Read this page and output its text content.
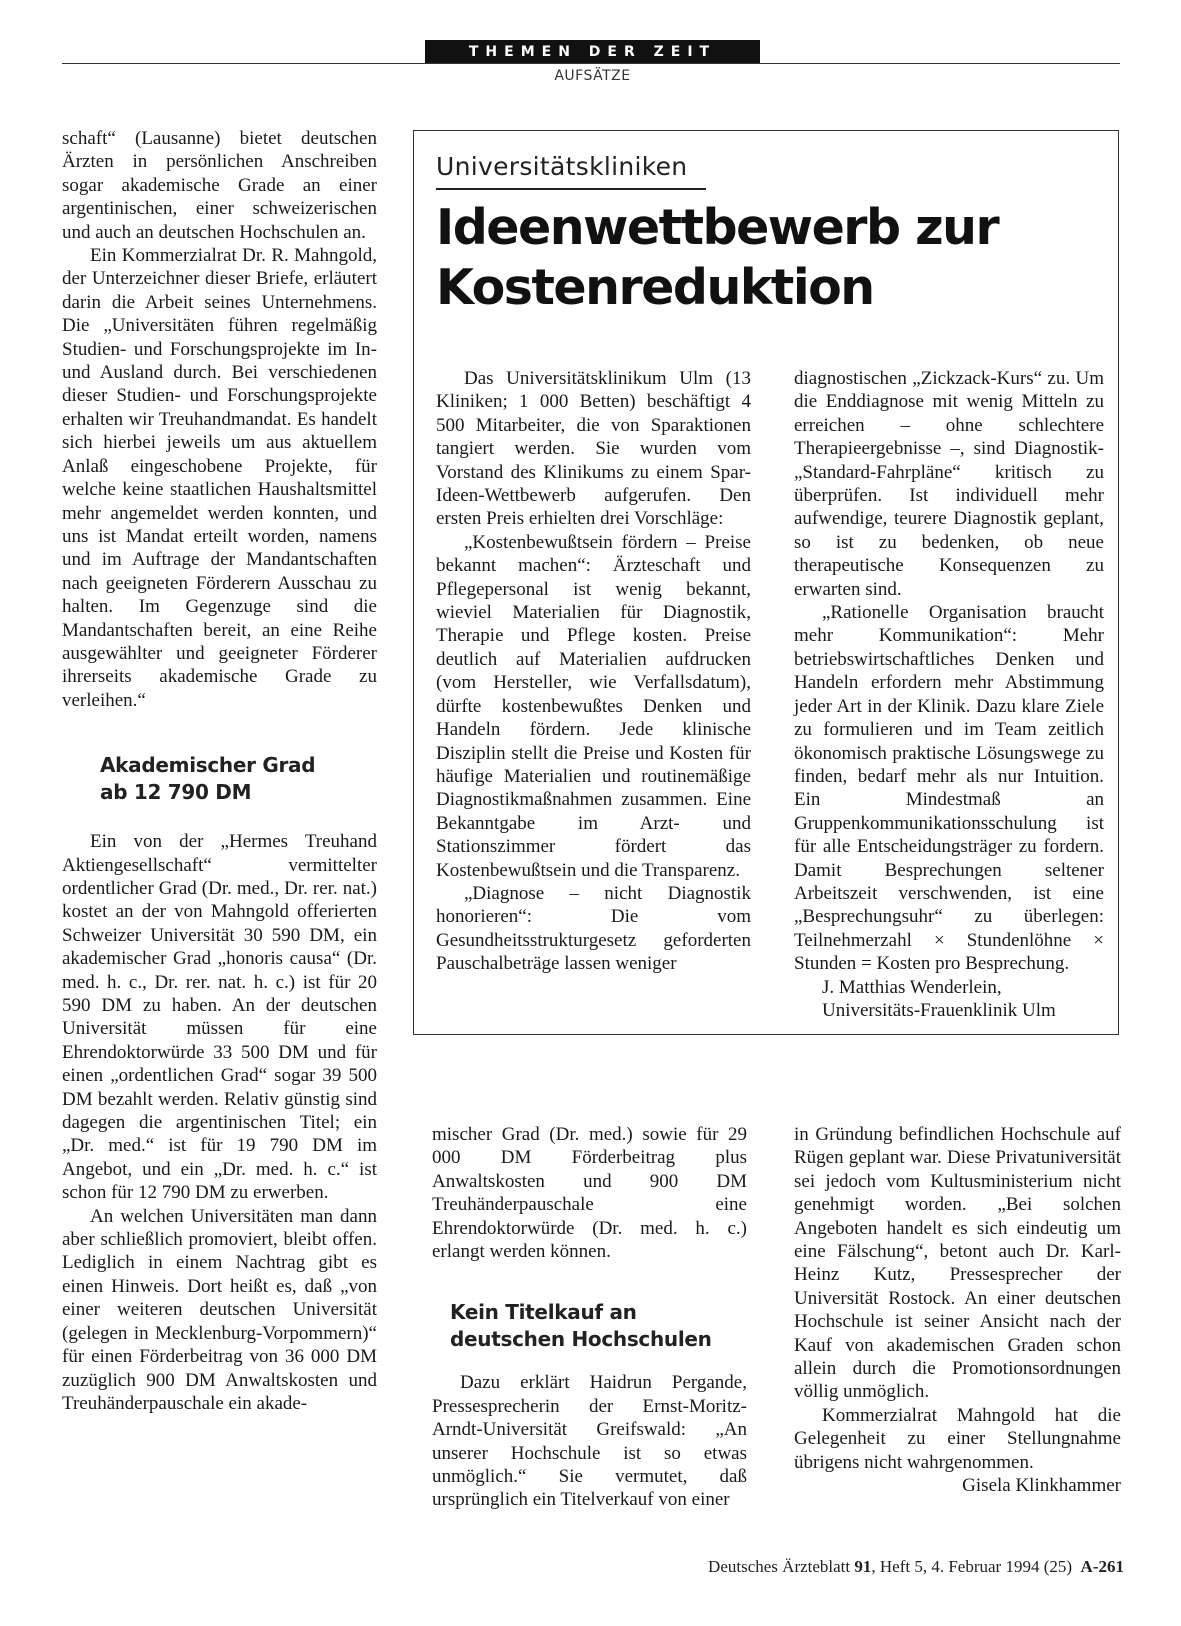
THEMEN DER ZEIT
AUFSÄTZE

schaft“ (Lausanne) bietet deutschen Ärzten in persönlichen Anschreiben sogar akademische Grade an einer argentinischen, einer schweizerischen und auch an deutschen Hochschulen an.

Ein Kommerzialrat Dr. R. Mahngold, der Unterzeichner dieser Briefe, erläutert darin die Arbeit seines Unternehmens. Die „Universitäten führen regelmäßig Studien- und Forschungsprojekte im In- und Ausland durch. Bei verschiedenen dieser Studien- und Forschungsprojekte erhalten wir Treuhandmandat. Es handelt sich hierbei jeweils um aus aktuellem Anlaß eingeschobene Projekte, für welche keine staatlichen Haushaltsmittel mehr angemeldet werden konnten, und uns ist Mandat erteilt worden, namens und im Auftrage der Mandantschaften nach geeigneten Förderern Ausschau zu halten. Im Gegenzuge sind die Mandantschaften bereit, an eine Reihe ausgewählter und geeigneter Förderer ihrerseits akademische Grade zu verleihen.“

Akademischer Grad
ab 12 790 DM

Ein von der „Hermes Treuhand Aktiengesellschaft“ vermittelter ordentlicher Grad (Dr. med., Dr. rer. nat.) kostet an der von Mahngold offerierten Schweizer Universität 30 590 DM, ein akademischer Grad „honoris causa“ (Dr. med. h. c., Dr. rer. nat. h. c.) ist für 20 590 DM zu haben. An der deutschen Universität müssen für eine Ehrendoktorwürde 33 500 DM und für einen „ordentlichen Grad“ sogar 39 500 DM bezahlt werden. Relativ günstig sind dagegen die argentinischen Titel; ein „Dr. med.“ ist für 19 790 DM im Angebot, und ein „Dr. med. h. c.“ ist schon für 12 790 DM zu erwerben.

An welchen Universitäten man dann aber schließlich promoviert, bleibt offen. Lediglich in einem Nachtrag gibt es einen Hinweis. Dort heißt es, daß „von einer weiteren deutschen Universität (gelegen in Mecklenburg-Vorpommern)“ für einen Förderbeitrag von 36 000 DM zuzüglich 900 DM Anwaltskosten und Treuhänderpauschale ein akade-

Universitätskliniken
Ideenwettbewerb zur
Kostenreduktion

Das Universitätsklinikum Ulm (13 Kliniken; 1 000 Betten) beschäftigt 4 500 Mitarbeiter, die von Sparaktionen tangiert werden. Sie wurden vom Vorstand des Klinikums zu einem Spar-Ideen-Wettbewerb aufgerufen. Den ersten Preis erhielten drei Vorschläge:

„Kostenbewußtsein fördern – Preise bekannt machen“: Ärzteschaft und Pflegepersonal ist wenig bekannt, wieviel Materialien für Diagnostik, Therapie und Pflege kosten. Preise deutlich auf Materialien aufdrucken (vom Hersteller, wie Verfallsdatum), dürfte kostenbewußtes Denken und Handeln fördern. Jede klinische Disziplin stellt die Preise und Kosten für häufige Materialien und routinemäßige Diagnostikmaßnahmen zusammen. Eine Bekanntgabe im Arzt- und Stationszimmer fördert das Kostenbewußtsein und die Transparenz.

„Diagnose – nicht Diagnostik honorieren“: Die vom Gesundheitsstrukturgesetz geforderten Pauschalbeträge lassen weniger

diagnostischen „Zickzack-Kurs“ zu. Um die Enddiagnose mit wenig Mitteln zu erreichen – ohne schlechtere Therapieergebnisse –, sind Diagnostik-„Standard-Fahrpläne“ kritisch zu überprüfen. Ist individuell mehr aufwendige, teurere Diagnostik geplant, so ist zu bedenken, ob neue therapeutische Konsequenzen zu erwarten sind.

„Rationelle Organisation braucht mehr Kommunikation“: Mehr betriebswirtschaftliches Denken und Handeln erfordern mehr Abstimmung jeder Art in der Klinik. Dazu klare Ziele zu formulieren und im Team zeitlich ökonomisch praktische Lösungswege zu finden, bedarf mehr als nur Intuition. Ein Mindestmaß an Gruppenkommunikationsschulung ist für alle Entscheidungsträger zu fordern. Damit Besprechungen seltener Arbeitszeit verschwenden, ist eine „Besprechungsuhr“ zu überlegen: Teilnehmerzahl × Stundenlöhne × Stunden = Kosten pro Besprechung.

J. Matthias Wenderlein,

Universitäts-Frauenklinik Ulm

mischer Grad (Dr. med.) sowie für 29 000 DM Förderbeitrag plus Anwaltskosten und 900 DM Treuhänderpauschale eine Ehrendoktorwürde (Dr. med. h. c.) erlangt werden können.

Kein Titelkauf an
deutschen Hochschulen

Dazu erklärt Haidrun Pergande, Pressesprecherin der Ernst-Moritz-Arndt-Universität Greifswald: „An unserer Hochschule ist so etwas unmöglich.“ Sie vermutet, daß ursprünglich ein Titelverkauf von einer

in Gründung befindlichen Hochschule auf Rügen geplant war. Diese Privatuniversität sei jedoch vom Kultusministerium nicht genehmigt worden. „Bei solchen Angeboten handelt es sich eindeutig um eine Fälschung“, betont auch Dr. Karl-Heinz Kutz, Pressesprecher der Universität Rostock. An einer deutschen Hochschule ist seiner Ansicht nach der Kauf von akademischen Graden schon allein durch die Promotionsordnungen völlig unmöglich.

Kommerzialrat Mahngold hat die Gelegenheit zu einer Stellungnahme übrigens nicht wahrgenommen.

Gisela Klinkhammer

Deutsches Ärzteblatt 91, Heft 5, 4. Februar 1994 (25) A-261
